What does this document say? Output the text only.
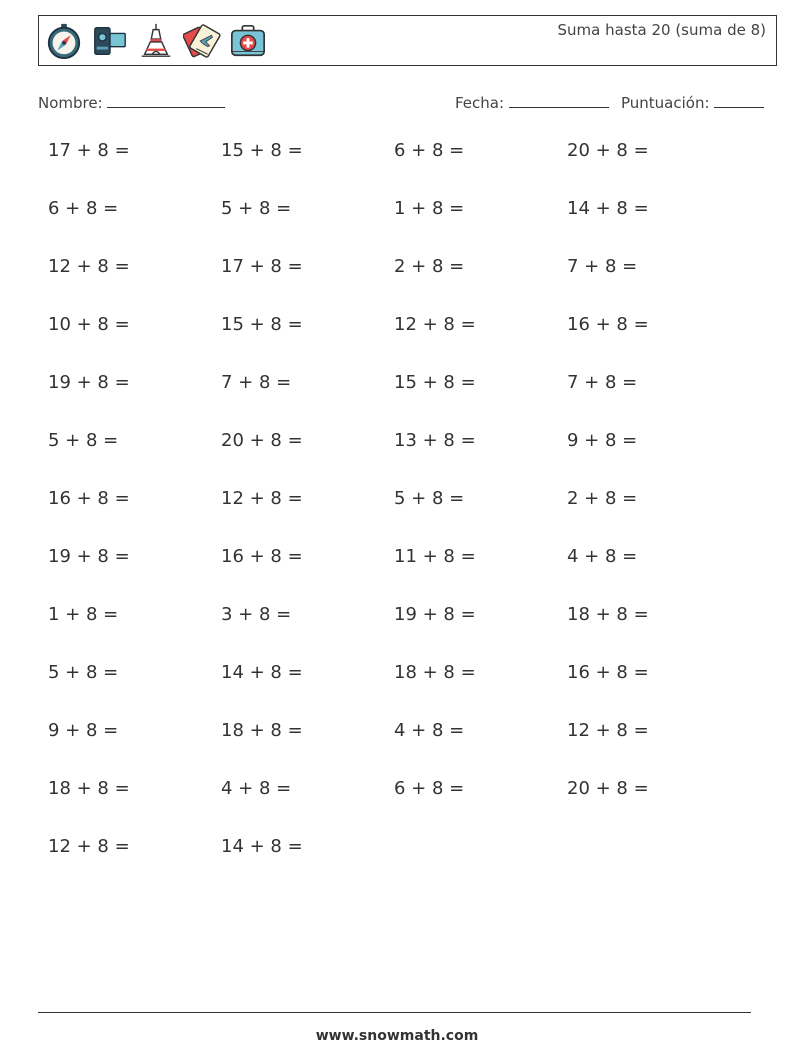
Suma hasta 20 (suma de 8)
Nombre:	Fecha:	Puntuación:
17 + 8 =	15 + 8 =	6 + 8 =	20 + 8 =
6 + 8 =	5 + 8 =	1 + 8 =	14 + 8 =
12 + 8 =	17 + 8 =	2 + 8 =	7 + 8 =
10 + 8 =	15 + 8 =	12 + 8 =	16 + 8 =
19 + 8 =	7 + 8 =	15 + 8 =	7 + 8 =
5 + 8 =	20 + 8 =	13 + 8 =	9 + 8 =
16 + 8 =	12 + 8 =	5 + 8 =	2 + 8 =
19 + 8 =	16 + 8 =	11 + 8 =	4 + 8 =
1 + 8 =	3 + 8 =	19 + 8 =	18 + 8 =
5 + 8 =	14 + 8 =	18 + 8 =	16 + 8 =
9 + 8 =	18 + 8 =	4 + 8 =	12 + 8 =
18 + 8 =	4 + 8 =	6 + 8 =	20 + 8 =
12 + 8 =	14 + 8 =
www.snowmath.com
